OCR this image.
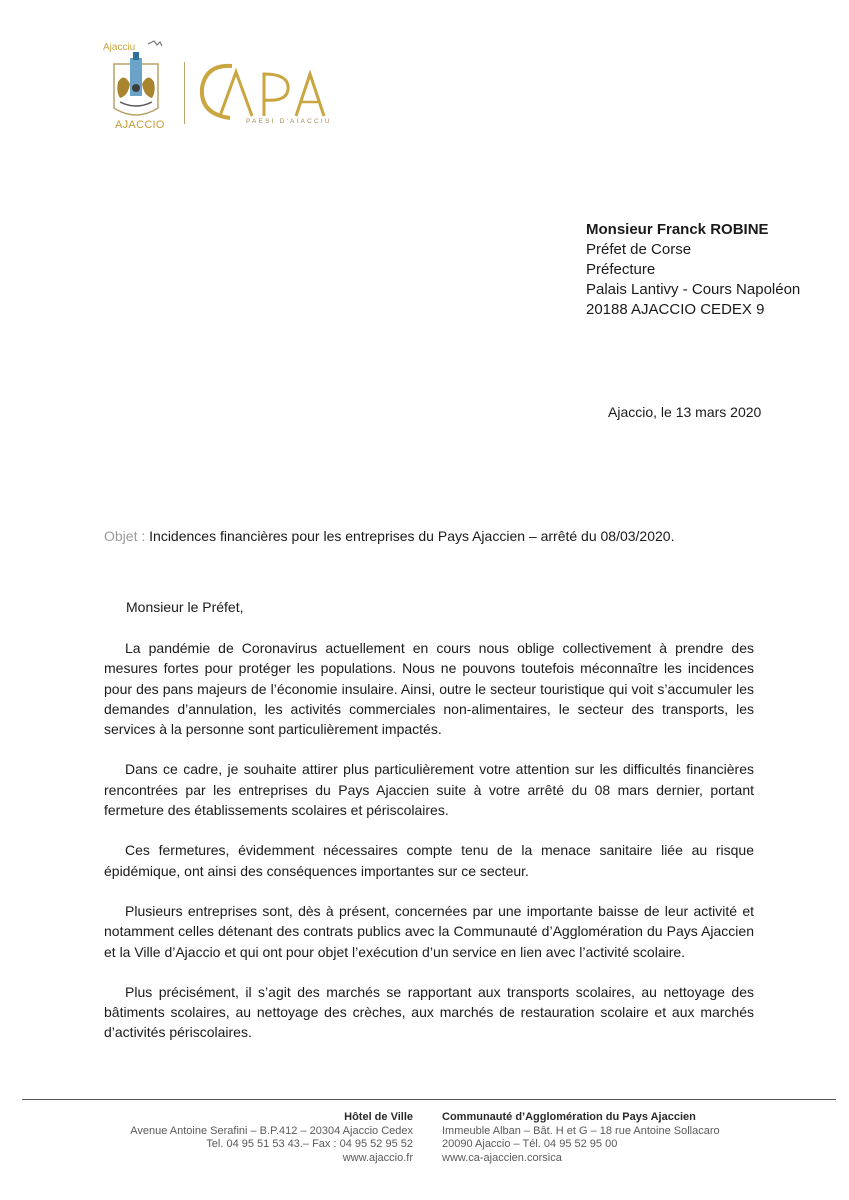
Ajacciu
AJACCIO	PAESI D'AIACCIU
Monsieur Franck ROBINE
Préfet de Corse
Préfecture
Palais Lantivy - Cours Napoléon
20188 AJACCIO CEDEX 9
Ajaccio, le 13 mars 2020
Objet : Incidences financières pour les entreprises du Pays Ajaccien – arrêté du 08/03/2020.
Monsieur le Préfet,

La pandémie de Coronavirus actuellement en cours nous oblige collectivement à prendre des mesures fortes pour protéger les populations. Nous ne pouvons toutefois méconnaître les incidences pour des pans majeurs de l’économie insulaire. Ainsi, outre le secteur touristique qui voit s’accumuler les demandes d’annulation, les activités commerciales non-alimentaires, le secteur des transports, les services à la personne sont particulièrement impactés.

Dans ce cadre, je souhaite attirer plus particulièrement votre attention sur les difficultés financières rencontrées par les entreprises du Pays Ajaccien suite à votre arrêté du 08 mars dernier, portant fermeture des établissements scolaires et périscolaires.

Ces fermetures, évidemment nécessaires compte tenu de la menace sanitaire liée au risque épidémique, ont ainsi des conséquences importantes sur ce secteur.

Plusieurs entreprises sont, dès à présent, concernées par une importante baisse de leur activité et notamment celles détenant des contrats publics avec la Communauté d’Agglomération du Pays Ajaccien et la Ville d’Ajaccio et qui ont pour objet l’exécution d’un service en lien avec l’activité scolaire.

Plus précisément, il s’agit des marchés se rapportant aux transports scolaires, au nettoyage des bâtiments scolaires, au nettoyage des crèches, aux marchés de restauration scolaire et aux marchés d’activités périscolaires.

Hôtel de Ville
Avenue Antoine Serafini – B.P.412 – 20304 Ajaccio Cedex
Tel. 04 95 51 53 43.– Fax : 04 95 52 95 52
www.ajaccio.fr
Communauté d’Agglomération du Pays Ajaccien
Immeuble Alban – Bât. H et G – 18 rue Antoine Sollacaro
20090 Ajaccio – Tél. 04 95 52 95 00
www.ca-ajaccien.corsica
